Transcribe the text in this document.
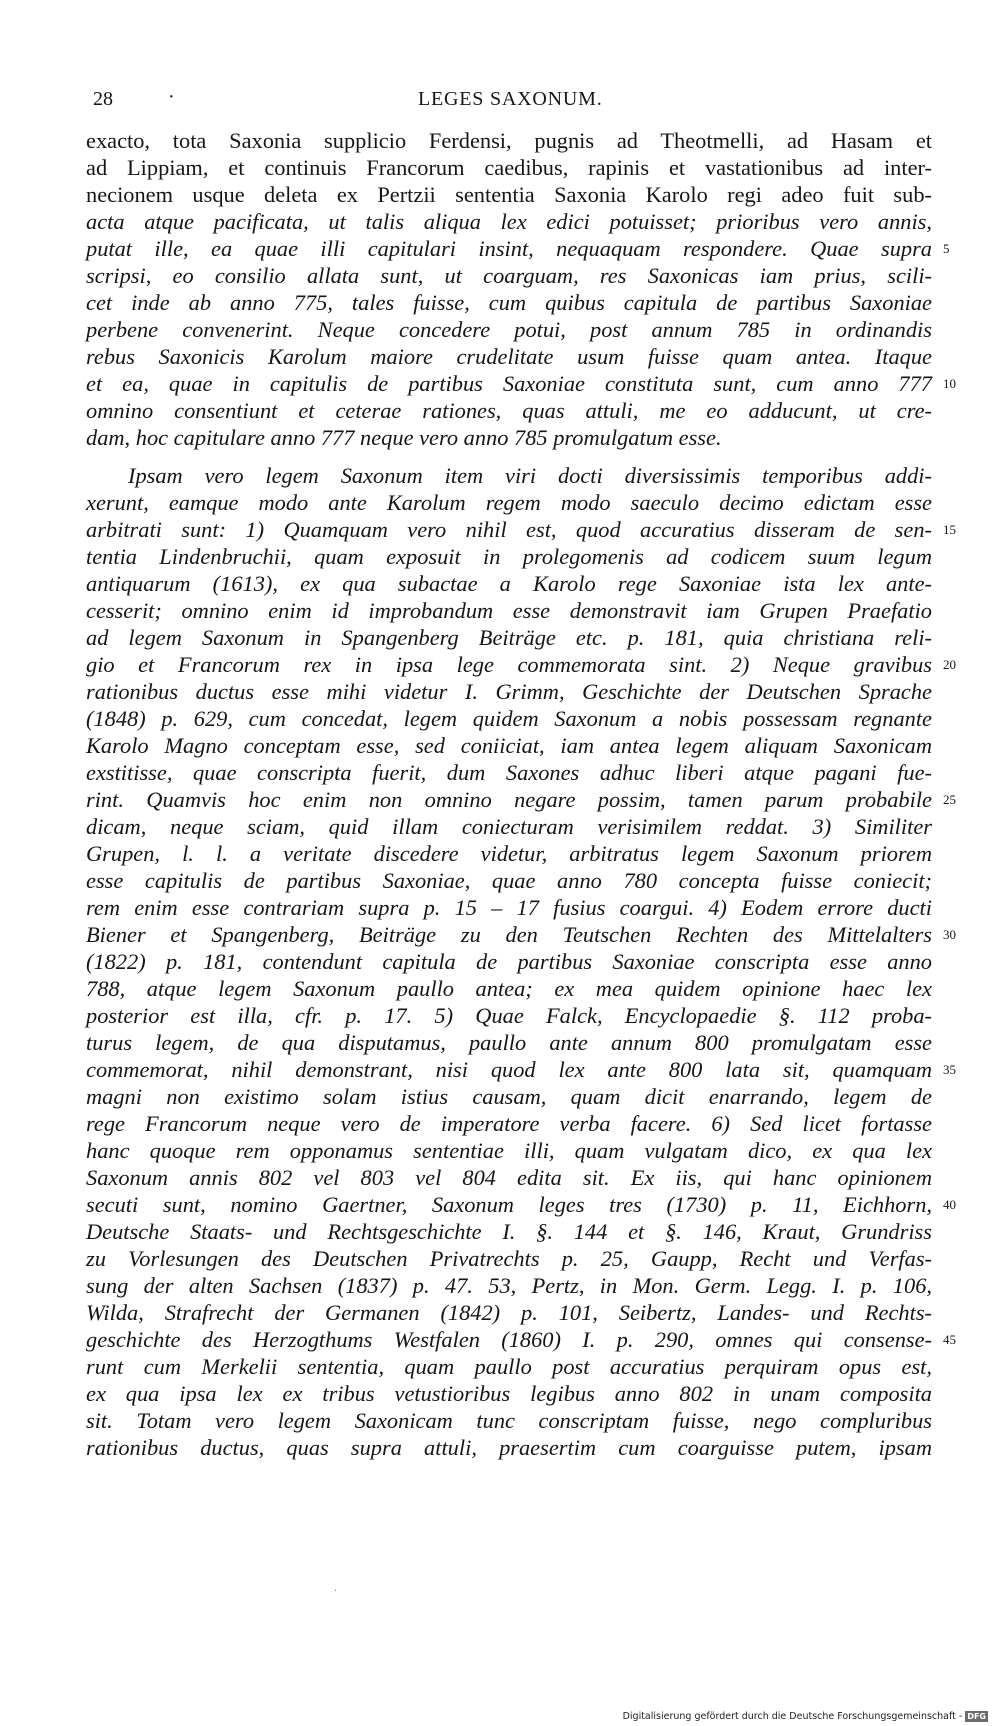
28	·	LEGES SAXONUM.
exacto, tota Saxonia supplicio Ferdensi, pugnis ad Theotmelli, ad Hasam et
ad Lippiam, et continuis Francorum caedibus, rapinis et vastationibus ad inter-
necionem usque deleta ex Pertzii sententia Saxonia Karolo regi adeo fuit sub-
acta atque pacificata, ut talis aliqua lex edici potuisset; prioribus vero annis,
putat ille, ea quae illi capitulari insint, nequaquam respondere. Quae supra
scripsi, eo consilio allata sunt, ut coarguam, res Saxonicas iam prius, scili-
cet inde ab anno 775, tales fuisse, cum quibus capitula de partibus Saxoniae
perbene convenerint. Neque concedere potui, post annum 785 in ordinandis
rebus Saxonicis Karolum maiore crudelitate usum fuisse quam antea. Itaque
et ea, quae in capitulis de partibus Saxoniae constituta sunt, cum anno 777
omnino consentiunt et ceterae rationes, quas attuli, me eo adducunt, ut cre-
dam, hoc capitulare anno 777 neque vero anno 785 promulgatum esse.
Ipsam vero legem Saxonum item viri docti diversissimis temporibus addi-
xerunt, eamque modo ante Karolum regem modo saeculo decimo edictam esse
arbitrati sunt: 1) Quamquam vero nihil est, quod accuratius disseram de sen-
tentia Lindenbruchii, quam exposuit in prolegomenis ad codicem suum legum
antiquarum (1613), ex qua subactae a Karolo rege Saxoniae ista lex ante-
cesserit; omnino enim id improbandum esse demonstravit iam Grupen Praefatio
ad legem Saxonum in Spangenberg Beiträge etc. p. 181, quia christiana reli-
gio et Francorum rex in ipsa lege commemorata sint. 2) Neque gravibus
rationibus ductus esse mihi videtur I. Grimm, Geschichte der Deutschen Sprache
(1848) p. 629, cum concedat, legem quidem Saxonum a nobis possessam regnante
Karolo Magno conceptam esse, sed coniiciat, iam antea legem aliquam Saxonicam
exstitisse, quae conscripta fuerit, dum Saxones adhuc liberi atque pagani fue-
rint. Quamvis hoc enim non omnino negare possim, tamen parum probabile
dicam, neque sciam, quid illam coniecturam verisimilem reddat. 3) Similiter
Grupen, l. l. a veritate discedere videtur, arbitratus legem Saxonum priorem
esse capitulis de partibus Saxoniae, quae anno 780 concepta fuisse coniecit;
rem enim esse contrariam supra p. 15 – 17 fusius coargui. 4) Eodem errore ducti
Biener et Spangenberg, Beiträge zu den Teutschen Rechten des Mittelalters
(1822) p. 181, contendunt capitula de partibus Saxoniae conscripta esse anno
788, atque legem Saxonum paullo antea; ex mea quidem opinione haec lex
posterior est illa, cfr. p. 17. 5) Quae Falck, Encyclopaedie §. 112 proba-
turus legem, de qua disputamus, paullo ante annum 800 promulgatam esse
commemorat, nihil demonstrant, nisi quod lex ante 800 lata sit, quamquam
magni non existimo solam istius causam, quam dicit enarrando, legem de
rege Francorum neque vero de imperatore verba facere. 6) Sed licet fortasse
hanc quoque rem opponamus sententiae illi, quam vulgatam dico, ex qua lex
Saxonum annis 802 vel 803 vel 804 edita sit. Ex iis, qui hanc opinionem
secuti sunt, nomino Gaertner, Saxonum leges tres (1730) p. 11, Eichhorn,
Deutsche Staats- und Rechtsgeschichte I. §. 144 et §. 146, Kraut, Grundriss
zu Vorlesungen des Deutschen Privatrechts p. 25, Gaupp, Recht und Verfas-
sung der alten Sachsen (1837) p. 47. 53, Pertz, in Mon. Germ. Legg. I. p. 106,
Wilda, Strafrecht der Germanen (1842) p. 101, Seibertz, Landes- und Rechts-
geschichte des Herzogthums Westfalen (1860) I. p. 290, omnes qui consense-
runt cum Merkelii sententia, quam paullo post accuratius perquiram opus est,
ex qua ipsa lex ex tribus vetustioribus legibus anno 802 in unam composita
sit. Totam vero legem Saxonicam tunc conscriptam fuisse, nego compluribus
rationibus ductus, quas supra attuli, praesertim cum coarguisse putem, ipsam
5
10
15
20
25
30
35
40
45
.
Digitalisierung gefördert durch die Deutsche Forschungsgemeinschaft - DFG
